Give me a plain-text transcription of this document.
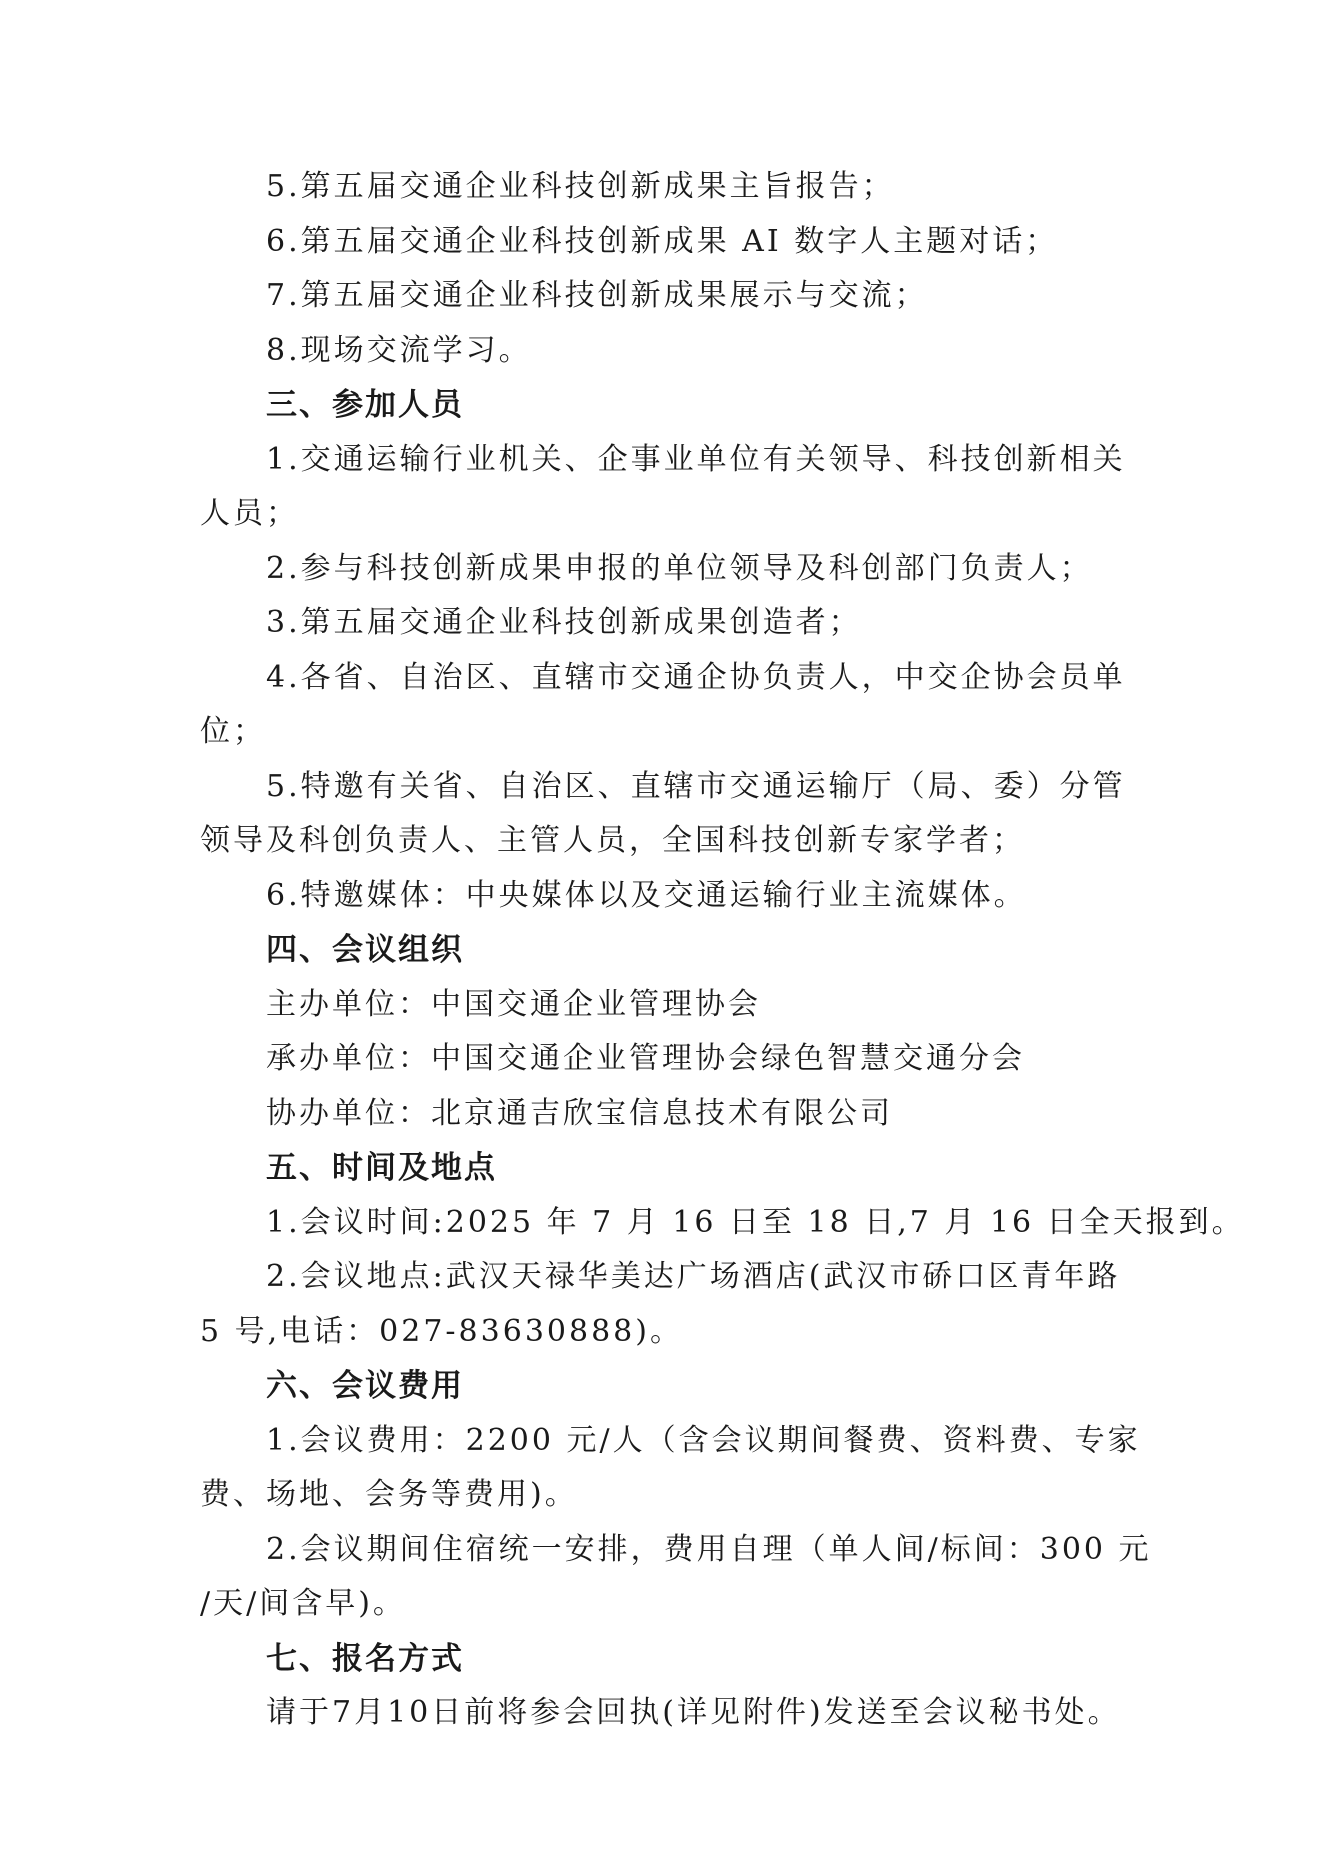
5.第五届交通企业科技创新成果主旨报告；
6.第五届交通企业科技创新成果 AI 数字人主题对话；
7.第五届交通企业科技创新成果展示与交流；
8.现场交流学习。
三、参加人员
1.交通运输行业机关、企事业单位有关领导、科技创新相关
人员；
2.参与科技创新成果申报的单位领导及科创部门负责人；
3.第五届交通企业科技创新成果创造者；
4.各省、自治区、直辖市交通企协负责人，中交企协会员单
位；
5.特邀有关省、自治区、直辖市交通运输厅（局、委）分管
领导及科创负责人、主管人员，全国科技创新专家学者；
6.特邀媒体：中央媒体以及交通运输行业主流媒体。
四、会议组织
主办单位：中国交通企业管理协会
承办单位：中国交通企业管理协会绿色智慧交通分会
协办单位：北京通吉欣宝信息技术有限公司
五、时间及地点
1.会议时间:2025 年 7 月 16 日至 18 日,7 月 16 日全天报到。
2.会议地点:武汉天禄华美达广场酒店(武汉市硚口区青年路
5 号,电话：027-83630888)。
六、会议费用
1.会议费用：2200 元/人（含会议期间餐费、资料费、专家
费、场地、会务等费用)。
2.会议期间住宿统一安排，费用自理（单人间/标间：300 元
/天/间含早)。
七、报名方式
请于7月10日前将参会回执(详见附件)发送至会议秘书处。
